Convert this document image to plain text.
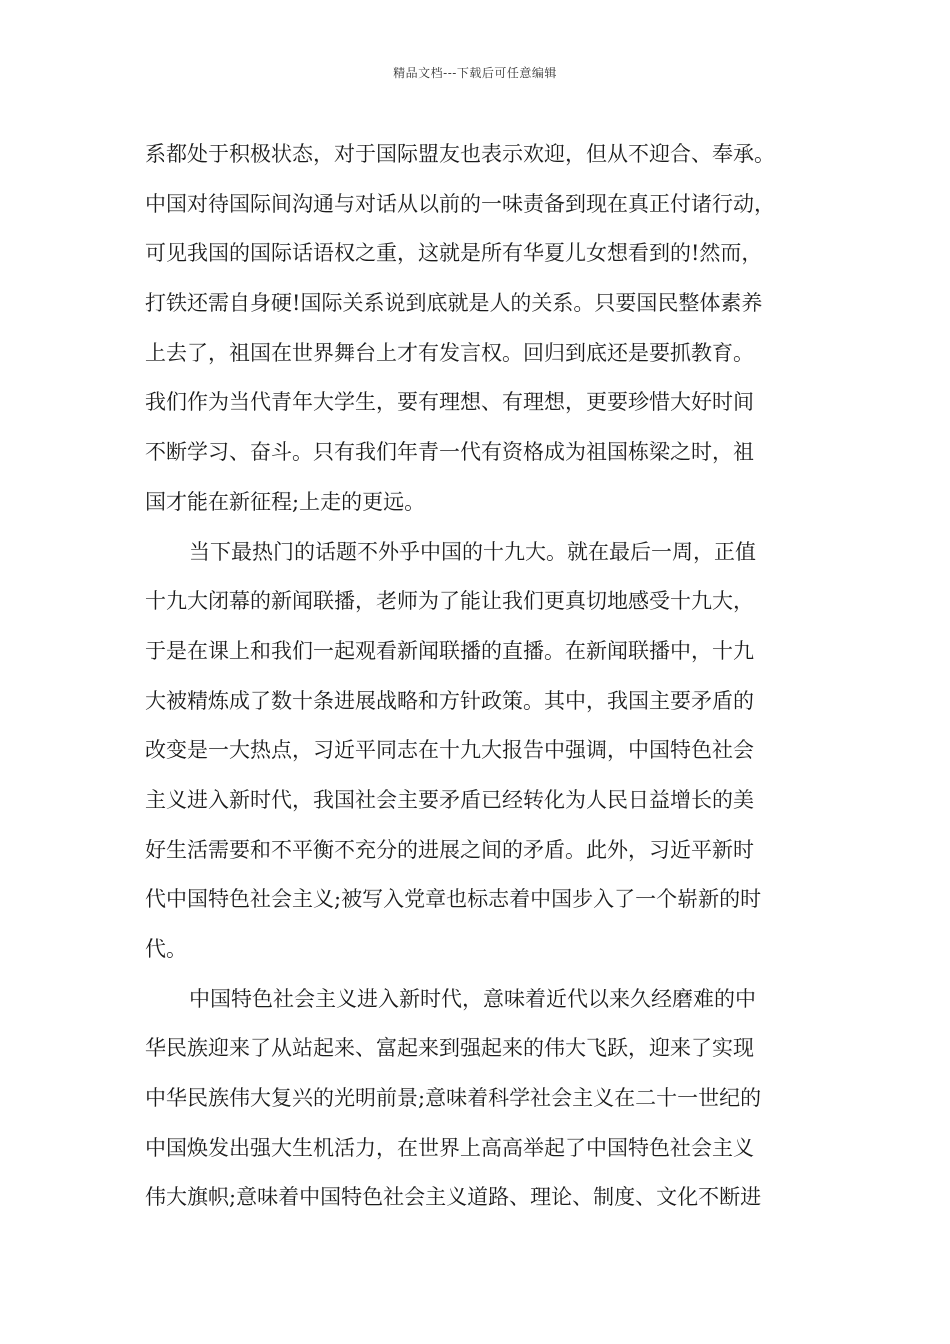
精品文档---下载后可任意编辑
系都处于积极状态，对于国际盟友也表示欢迎，但从不迎合、奉承。
中国对待国际间沟通与对话从以前的一味责备到现在真正付诸行动，
可见我国的国际话语权之重，这就是所有华夏儿女想看到的!然而，
打铁还需自身硬!国际关系说到底就是人的关系。只要国民整体素养
上去了，祖国在世界舞台上才有发言权。回归到底还是要抓教育。
我们作为当代青年大学生，要有理想、有理想，更要珍惜大好时间
不断学习、奋斗。只有我们年青一代有资格成为祖国栋梁之时，祖
国才能在新征程;上走的更远。
当下最热门的话题不外乎中国的十九大。就在最后一周，正值
十九大闭幕的新闻联播，老师为了能让我们更真切地感受十九大，
于是在课上和我们一起观看新闻联播的直播。在新闻联播中，十九
大被精炼成了数十条进展战略和方针政策。其中，我国主要矛盾的
改变是一大热点，习近平同志在十九大报告中强调，中国特色社会
主义进入新时代，我国社会主要矛盾已经转化为人民日益增长的美
好生活需要和不平衡不充分的进展之间的矛盾。此外，习近平新时
代中国特色社会主义;被写入党章也标志着中国步入了一个崭新的时
代。
中国特色社会主义进入新时代，意味着近代以来久经磨难的中
华民族迎来了从站起来、富起来到强起来的伟大飞跃，迎来了实现
中华民族伟大复兴的光明前景;意味着科学社会主义在二十一世纪的
中国焕发出强大生机活力，在世界上高高举起了中国特色社会主义
伟大旗帜;意味着中国特色社会主义道路、理论、制度、文化不断进
